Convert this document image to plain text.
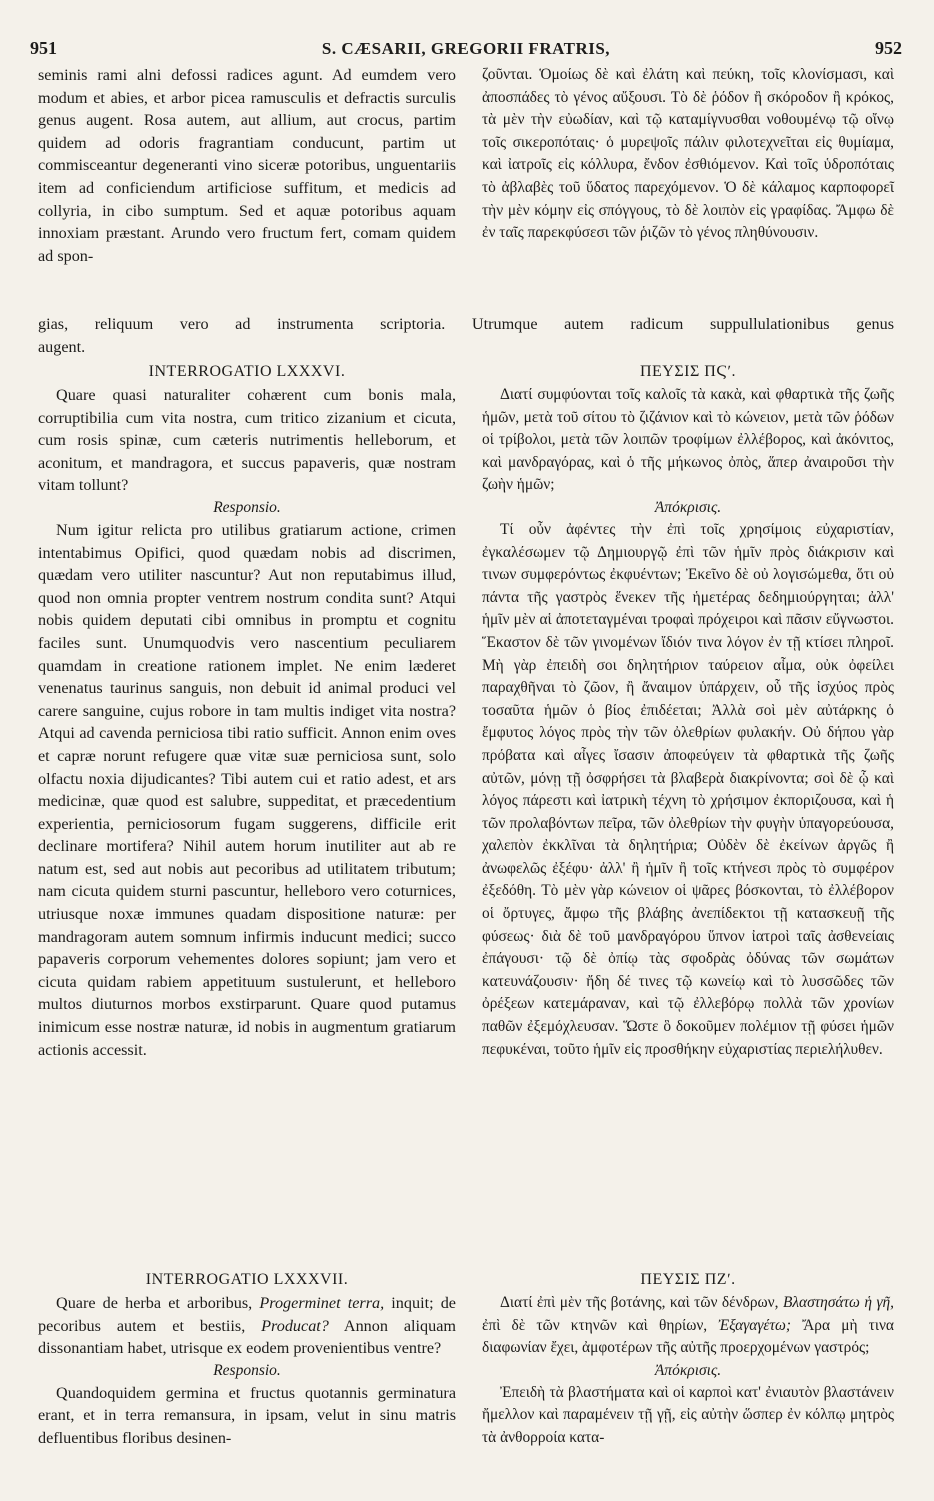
951	S. CÆSARII, GREGORII FRATRIS,	952

seminis rami alni defossi radices agunt. Ad eumdem vero modum et abies, et arbor picea ramusculis et defractis surculis genus augent. Rosa autem, aut allium, aut crocus, partim quidem ad odoris fragrantiam conducunt, partim ut commisceantur degeneranti vino siceræ potoribus, unguentariis item ad conficiendum artificiose suffitum, et medicis ad collyria, in cibo sumptum. Sed et aquæ potoribus aquam innoxiam præstant. Arundo vero fructum fert, comam quidem ad spon-

ζοῦνται. Ὁμοίως δὲ καὶ ἐλάτη καὶ πεύκη, τοῖς κλονίσμασι, καὶ ἀποσπάδες τὸ γένος αὔξουσι. Τὸ δὲ ῥόδον ἢ σκόροδον ἢ κρόκος, τὰ μὲν τὴν εὐωδίαν, καὶ τῷ καταμίγνυσθαι νοθουμένῳ τῷ οἴνῳ τοῖς σικεροπόταις· ὁ μυρεψοῖς πάλιν φιλοτεχνεῖται εἰς θυμίαμα, καὶ ἰατροῖς εἰς κόλλυρα, ἔνδον ἐσθιόμενον. Καὶ τοῖς ὑδροπόταις τὸ ἀβλαβὲς τοῦ ὕδατος παρεχόμενον. Ὁ δὲ κάλαμος καρποφορεῖ τὴν μὲν κόμην εἰς σπόγγους, τὸ δὲ λοιπὸν εἰς γραφίδας. Ἄμφω δὲ ἐν ταῖς παρεκφύσεσι τῶν ῥιζῶν τὸ γένος πληθύνουσιν.

gias, reliquum vero ad instrumenta scriptoria. Utrumque autem radicum suppullulationibus genus
augent.
INTERROGATIO LXXXVI.

Quare quasi naturaliter cohærent cum bonis mala, corruptibilia cum vita nostra, cum tritico zizanium et cicuta, cum rosis spinæ, cum cæteris nutrimentis helleborum, et aconitum, et mandragora, et succus papaveris, quæ nostram vitam tollunt?

Responsio.

Num igitur relicta pro utilibus gratiarum actione, crimen intentabimus Opifici, quod quædam nobis ad discrimen, quædam vero utiliter nascuntur? Aut non reputabimus illud, quod non omnia propter ventrem nostrum condita sunt? Atqui nobis quidem deputati cibi omnibus in promptu et cognitu faciles sunt. Unumquodvis vero nascentium peculiarem quamdam in creatione rationem implet. Ne enim læderet venenatus taurinus sanguis, non debuit id animal produci vel carere sanguine, cujus robore in tam multis indiget vita nostra? Atqui ad cavenda perniciosa tibi ratio sufficit. Annon enim oves et capræ norunt refugere quæ vitæ suæ perniciosa sunt, solo olfactu noxia dijudicantes? Tibi autem cui et ratio adest, et ars medicinæ, quæ quod est salubre, suppeditat, et præcedentium experientia, perniciosorum fugam suggerens, difficile erit declinare mortifera? Nihil autem horum inutiliter aut ab re natum est, sed aut nobis aut pecoribus ad utilitatem tributum; nam cicuta quidem sturni pascuntur, helleboro vero coturnices, utriusque noxæ immunes quadam dispositione naturæ: per mandragoram autem somnum infirmis inducunt medici; succo papaveris corporum vehementes dolores sopiunt; jam vero et cicuta quidam rabiem appetituum sustulerunt, et helleboro multos diuturnos morbos exstirparunt. Quare quod putamus inimicum esse nostræ naturæ, id nobis in augmentum gratiarum actionis accessit.

ΠΕΥΣΙΣ ΠϚʹ.

Διατί συμφύονται τοῖς καλοῖς τὰ κακὰ, καὶ φθαρτικὰ τῆς ζωῆς ἡμῶν, μετὰ τοῦ σίτου τὸ ζιζάνιον καὶ τὸ κώνειον, μετὰ τῶν ῥόδων οἱ τρίβολοι, μετὰ τῶν λοιπῶν τροφίμων ἐλλέβορος, καὶ ἀκόνιτος, καὶ μανδραγόρας, καὶ ὁ τῆς μήκωνος ὀπὸς, ἅπερ ἀναιροῦσι τὴν ζωὴν ἡμῶν;

Ἀπόκρισις.

Τί οὖν ἀφέντες τὴν ἐπὶ τοῖς χρησίμοις εὐχαριστίαν, ἐγκαλέσωμεν τῷ Δημιουργῷ ἐπὶ τῶν ἡμῖν πρὸς διάκρισιν καὶ τινων συμφερόντως ἐκφυέντων; Ἐκεῖνο δὲ οὐ λογισώμεθα, ὅτι οὐ πάντα τῆς γαστρὸς ἕνεκεν τῆς ἡμετέρας δεδημιούργηται; ἀλλ' ἡμῖν μὲν αἱ ἀποτεταγμέναι τροφαὶ πρόχειροι καὶ πᾶσιν εὔγνωστοι. Ἕκαστον δὲ τῶν γινομένων ἴδιόν τινα λόγον ἐν τῇ κτίσει πληροῖ. Μὴ γὰρ ἐπειδὴ σοι δηλητήριον ταύρειον αἷμα, οὐκ ὀφείλει παραχθῆναι τὸ ζῶον, ἢ ἄναιμον ὑπάρχειν, οὗ τῆς ἰσχύος πρὸς τοσαῦτα ἡμῶν ὁ βίος ἐπιδέεται; Ἀλλὰ σοὶ μὲν αὐτάρκης ὁ ἔμφυτος λόγος πρὸς τὴν τῶν ὀλεθρίων φυλακήν. Οὐ δήπου γὰρ πρόβατα καὶ αἶγες ἴσασιν ἀποφεύγειν τὰ φθαρτικὰ τῆς ζωῆς αὐτῶν, μόνῃ τῇ ὀσφρήσει τὰ βλαβερὰ διακρίνοντα; σοὶ δὲ ᾧ καὶ λόγος πάρεστι καὶ ἰατρικὴ τέχνη τὸ χρήσιμον ἐκποριζουσα, καὶ ἡ τῶν προλαβόντων πεῖρα, τῶν ὀλεθρίων τὴν φυγὴν ὑπαγορεύουσα, χαλεπὸν ἐκκλῖναι τὰ δηλητήρια; Οὐδὲν δὲ ἐκείνων ἀργῶς ἢ ἀνωφελῶς ἐξέφυ· ἀλλ' ἢ ἡμῖν ἢ τοῖς κτήνεσι πρὸς τὸ συμφέρον ἐξεδόθη. Τὸ μὲν γὰρ κώνειον οἱ ψᾶρες βόσκονται, τὸ ἐλλέβορον οἱ ὄρτυγες, ἄμφω τῆς βλάβης ἀνεπίδεκτοι τῇ κατασκευῇ τῆς φύσεως· διὰ δὲ τοῦ μανδραγόρου ὕπνον ἰατροὶ ταῖς ἀσθενείαις ἐπάγουσι· τῷ δὲ ὀπίῳ τὰς σφοδρὰς ὀδύνας τῶν σωμάτων κατευνάζουσιν· ἤδη δέ τινες τῷ κωνείῳ καὶ τὸ λυσσῶδες τῶν ὀρέξεων κατεμάραναν, καὶ τῷ ἐλλεβόρῳ πολλὰ τῶν χρονίων παθῶν ἐξεμόχλευσαν. Ὥστε ὃ δοκοῦμεν πολέμιον τῇ φύσει ἡμῶν πεφυκέναι, τοῦτο ἡμῖν εἰς προσθήκην εὐχαριστίας περιελήλυθεν.

INTERROGATIO LXXXVII.

Quare de herba et arboribus, Progerminet terra, inquit; de pecoribus autem et bestiis, Producat? Annon aliquam dissonantiam habet, utrisque ex eodem provenientibus ventre?

Responsio.

Quandoquidem germina et fructus quotannis germinatura erant, et in terra remansura, in ipsam, velut in sinu matris defluentibus floribus desinen-

ΠΕΥΣΙΣ ΠΖʹ.

Διατί ἐπὶ μὲν τῆς βοτάνης, καὶ τῶν δένδρων, Βλαστησάτω ἡ γῆ, ἐπὶ δὲ τῶν κτηνῶν καὶ θηρίων, Ἐξαγαγέτω; Ἄρα μὴ τινα διαφωνίαν ἔχει, ἀμφοτέρων τῆς αὐτῆς προερχομένων γαστρός;

Ἀπόκρισις.

Ἐπειδὴ τὰ βλαστήματα καὶ οἱ καρποὶ κατ' ἐνιαυτὸν βλαστάνειν ἤμελλον καὶ παραμένειν τῇ γῇ, εἰς αὐτὴν ὥσπερ ἐν κόλπῳ μητρὸς τὰ ἀνθορροία κατα-
